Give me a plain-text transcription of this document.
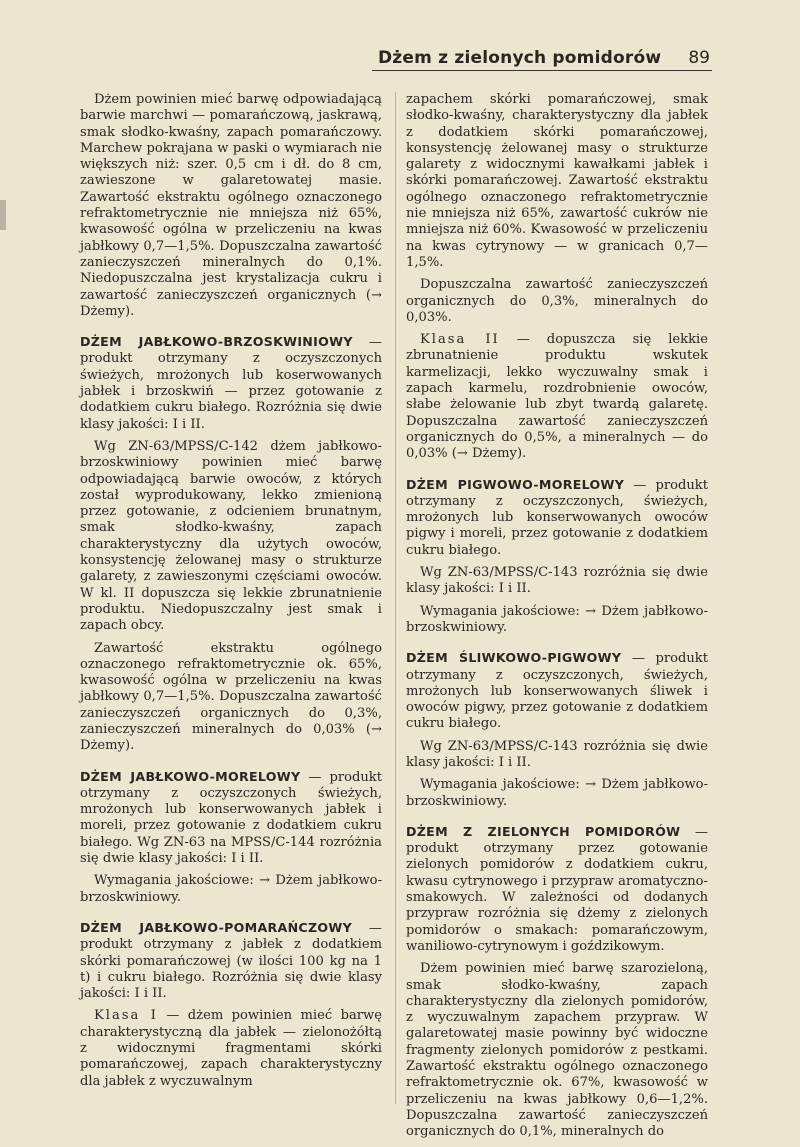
Dżem z zielonych pomidorów 89

Dżem powinien mieć barwę odpowiadającą barwie marchwi — pomarańczową, jaskrawą, smak słodko-kwaśny, zapach pomarańczowy. Marchew pokrajana w paski o wymiarach nie większych niż: szer. 0,5 cm i dł. do 8 cm, zawieszone w galaretowatej masie. Zawartość ekstraktu ogólnego oznaczonego refraktometrycznie nie mniejsza niż 65%, kwasowość ogólna w przeliczeniu na kwas jabłkowy 0,7—1,5%. Dopuszczalna zawartość zanieczyszczeń mineralnych do 0,1%. Niedopuszczalna jest krystalizacja cukru i zawartość zanieczyszczeń organicznych (→ Dżemy).

DŻEM JABŁKOWO-BRZOSKWINIOWY — produkt otrzymany z oczyszczonych świeżych, mrożonych lub koserwowanych jabłek i brzoskwiń — przez gotowanie z dodatkiem cukru białego. Rozróżnia się dwie klasy jakości: I i II.

Wg ZN-63/MPSS/C-142 dżem jabłkowo-brzoskwiniowy powinien mieć barwę odpowiadającą barwie owoców, z których został wyprodukowany, lekko zmienioną przez gotowanie, z odcieniem brunatnym, smak słodko-kwaśny, zapach charakterystyczny dla użytych owoców, konsystencję żelowanej masy o strukturze galarety, z zawieszonymi częściami owoców. W kl. II dopuszcza się lekkie zbrunatnienie produktu. Niedopuszczalny jest smak i zapach obcy.

Zawartość ekstraktu ogólnego oznaczonego refraktometrycznie ok. 65%, kwasowość ogólna w przeliczeniu na kwas jabłkowy 0,7—1,5%. Dopuszczalna zawartość zanieczyszczeń organicznych do 0,3%, zanieczyszczeń mineralnych do 0,03% (→ Dżemy).

DŻEM JABŁKOWO-MORELOWY — produkt otrzymany z oczyszczonych świeżych, mrożonych lub konserwowanych jabłek i moreli, przez gotowanie z dodatkiem cukru białego. Wg ZN-63 na MPSS/C-144 rozróżnia się dwie klasy jakości: I i II.

Wymagania jakościowe: → Dżem jabłkowo-brzoskwiniowy.

DŻEM JABŁKOWO-POMARAŃCZOWY — produkt otrzymany z jabłek z dodatkiem skórki pomarańczowej (w ilości 100 kg na 1 t) i cukru białego. Rozróżnia się dwie klasy jakości: I i II.

Klasa I — dżem powinien mieć barwę charakterystyczną dla jabłek — zielonożółtą z widocznymi fragmentami skórki pomarańczowej, zapach charakterystyczny dla jabłek z wyczuwalnym

zapachem skórki pomarańczowej, smak słodko-kwaśny, charakterystyczny dla jabłek z dodatkiem skórki pomarańczowej, konsystencję żelowanej masy o strukturze galarety z widocznymi kawałkami jabłek i skórki pomarańczowej. Zawartość ekstraktu ogólnego oznaczonego refraktometrycznie nie mniejsza niż 65%, zawartość cukrów nie mniejsza niż 60%. Kwasowość w przeliczeniu na kwas cytrynowy — w granicach 0,7—1,5%.

Dopuszczalna zawartość zanieczyszczeń organicznych do 0,3%, mineralnych do 0,03%.

Klasa II — dopuszcza się lekkie zbrunatnienie produktu wskutek karmelizacji, lekko wyczuwalny smak i zapach karmelu, rozdrobnienie owoców, słabe żelowanie lub zbyt twardą galaretę. Dopuszczalna zawartość zanieczyszczeń organicznych do 0,5%, a mineralnych — do 0,03% (→ Dżemy).

DŻEM PIGWOWO-MORELOWY — produkt otrzymany z oczyszczonych, świeżych, mrożonych lub konserwowanych owoców pigwy i moreli, przez gotowanie z dodatkiem cukru białego.

Wg ZN-63/MPSS/C-143 rozróżnia się dwie klasy jakości: I i II.

Wymagania jakościowe: → Dżem jabłkowo-brzoskwiniowy.

DŻEM ŚLIWKOWO-PIGWOWY — produkt otrzymany z oczyszczonych, świeżych, mrożonych lub konserwowanych śliwek i owoców pigwy, przez gotowanie z dodatkiem cukru białego.

Wg ZN-63/MPSS/C-143 rozróżnia się dwie klasy jakości: I i II.

Wymagania jakościowe: → Dżem jabłkowo-brzoskwiniowy.

DŻEM Z ZIELONYCH POMIDORÓW — produkt otrzymany przez gotowanie zielonych pomidorów z dodatkiem cukru, kwasu cytrynowego i przypraw aromatyczno-smakowych. W zależności od dodanych przypraw rozróżnia się dżemy z zielonych pomidorów o smakach: pomarańczowym, waniliowo-cytrynowym i goździkowym.

Dżem powinien mieć barwę szarozieloną, smak słodko-kwaśny, zapach charakterystyczny dla zielonych pomidorów, z wyczuwalnym zapachem przypraw. W galaretowatej masie powinny być widoczne fragmenty zielonych pomidorów z pestkami. Zawartość ekstraktu ogólnego oznaczonego refraktometrycznie ok. 67%, kwasowość w przeliczeniu na kwas jabłkowy 0,6—1,2%. Dopuszczalna zawartość zanieczyszczeń organicznych do 0,1%, mineralnych do
